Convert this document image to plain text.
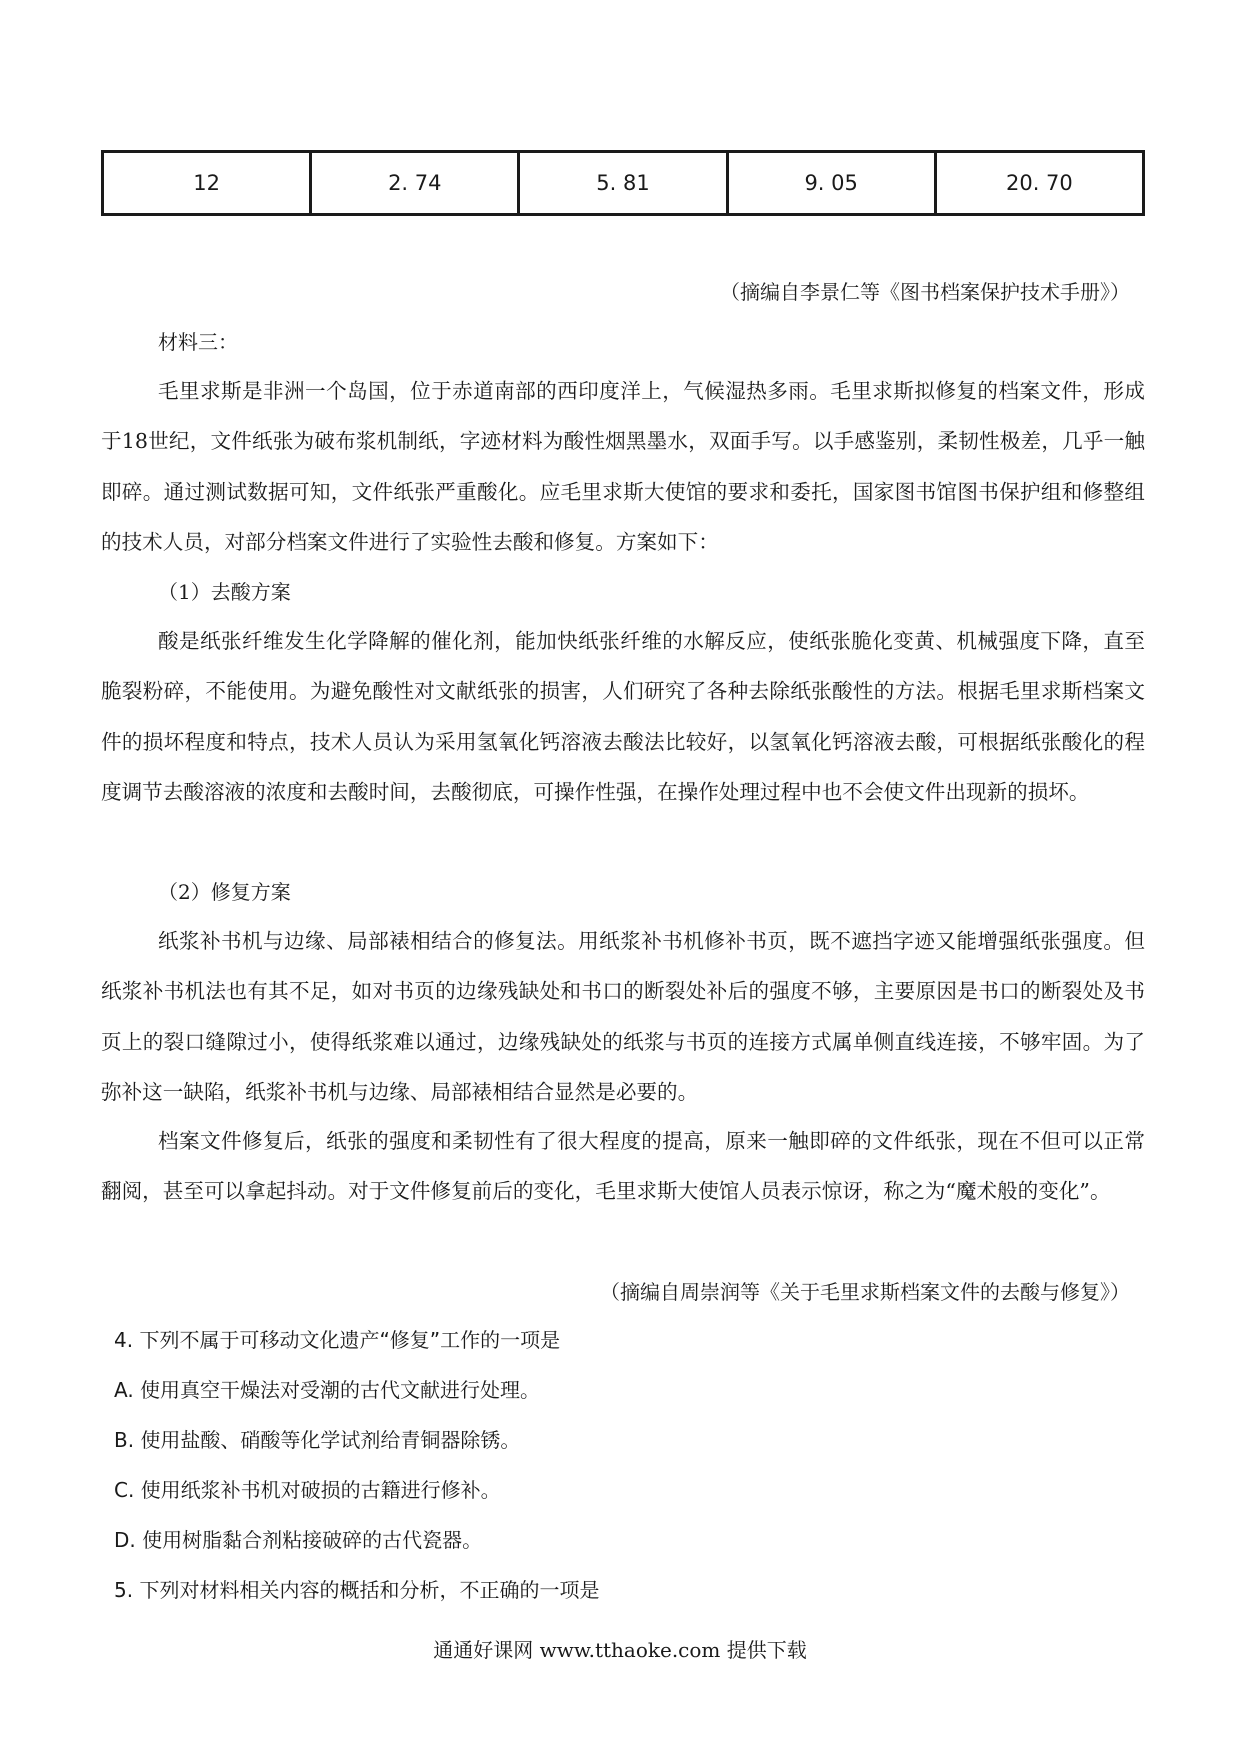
12	2. 74	5. 81	9. 05	20. 70
（摘编自李景仁等《图书档案保护技术手册》）
材料三：

毛里求斯是非洲一个岛国，位于赤道南部的西印度洋上，气候湿热多雨。毛里求斯拟修复的档案文件，形成于18世纪，文件纸张为破布浆机制纸，字迹材料为酸性烟黑墨水，双面手写。以手感鉴别，柔韧性极差，几乎一触即碎。通过测试数据可知，文件纸张严重酸化。应毛里求斯大使馆的要求和委托，国家图书馆图书保护组和修整组的技术人员，对部分档案文件进行了实验性去酸和修复。方案如下：

（1）去酸方案

酸是纸张纤维发生化学降解的催化剂，能加快纸张纤维的水解反应，使纸张脆化变黄、机械强度下降，直至脆裂粉碎，不能使用。为避免酸性对文献纸张的损害，人们研究了各种去除纸张酸性的方法。根据毛里求斯档案文件的损坏程度和特点，技术人员认为采用氢氧化钙溶液去酸法比较好，以氢氧化钙溶液去酸，可根据纸张酸化的程度调节去酸溶液的浓度和去酸时间，去酸彻底，可操作性强，在操作处理过程中也不会使文件出现新的损坏。

（2）修复方案

纸浆补书机与边缘、局部裱相结合的修复法。用纸浆补书机修补书页，既不遮挡字迹又能增强纸张强度。但纸浆补书机法也有其不足，如对书页的边缘残缺处和书口的断裂处补后的强度不够，主要原因是书口的断裂处及书页上的裂口缝隙过小，使得纸浆难以通过，边缘残缺处的纸浆与书页的连接方式属单侧直线连接，不够牢固。为了弥补这一缺陷，纸浆补书机与边缘、局部裱相结合显然是必要的。

档案文件修复后，纸张的强度和柔韧性有了很大程度的提高，原来一触即碎的文件纸张，现在不但可以正常翻阅，甚至可以拿起抖动。对于文件修复前后的变化，毛里求斯大使馆人员表示惊讶，称之为“魔术般的变化”。

（摘编自周崇润等《关于毛里求斯档案文件的去酸与修复》）
4. 下列不属于可移动文化遗产“修复”工作的一项是
A. 使用真空干燥法对受潮的古代文献进行处理。
B. 使用盐酸、硝酸等化学试剂给青铜器除锈。
C. 使用纸浆补书机对破损的古籍进行修补。
D. 使用树脂黏合剂粘接破碎的古代瓷器。
5. 下列对材料相关内容的概括和分析，不正确的一项是
通通好课网 www.tthaoke.com 提供下载
